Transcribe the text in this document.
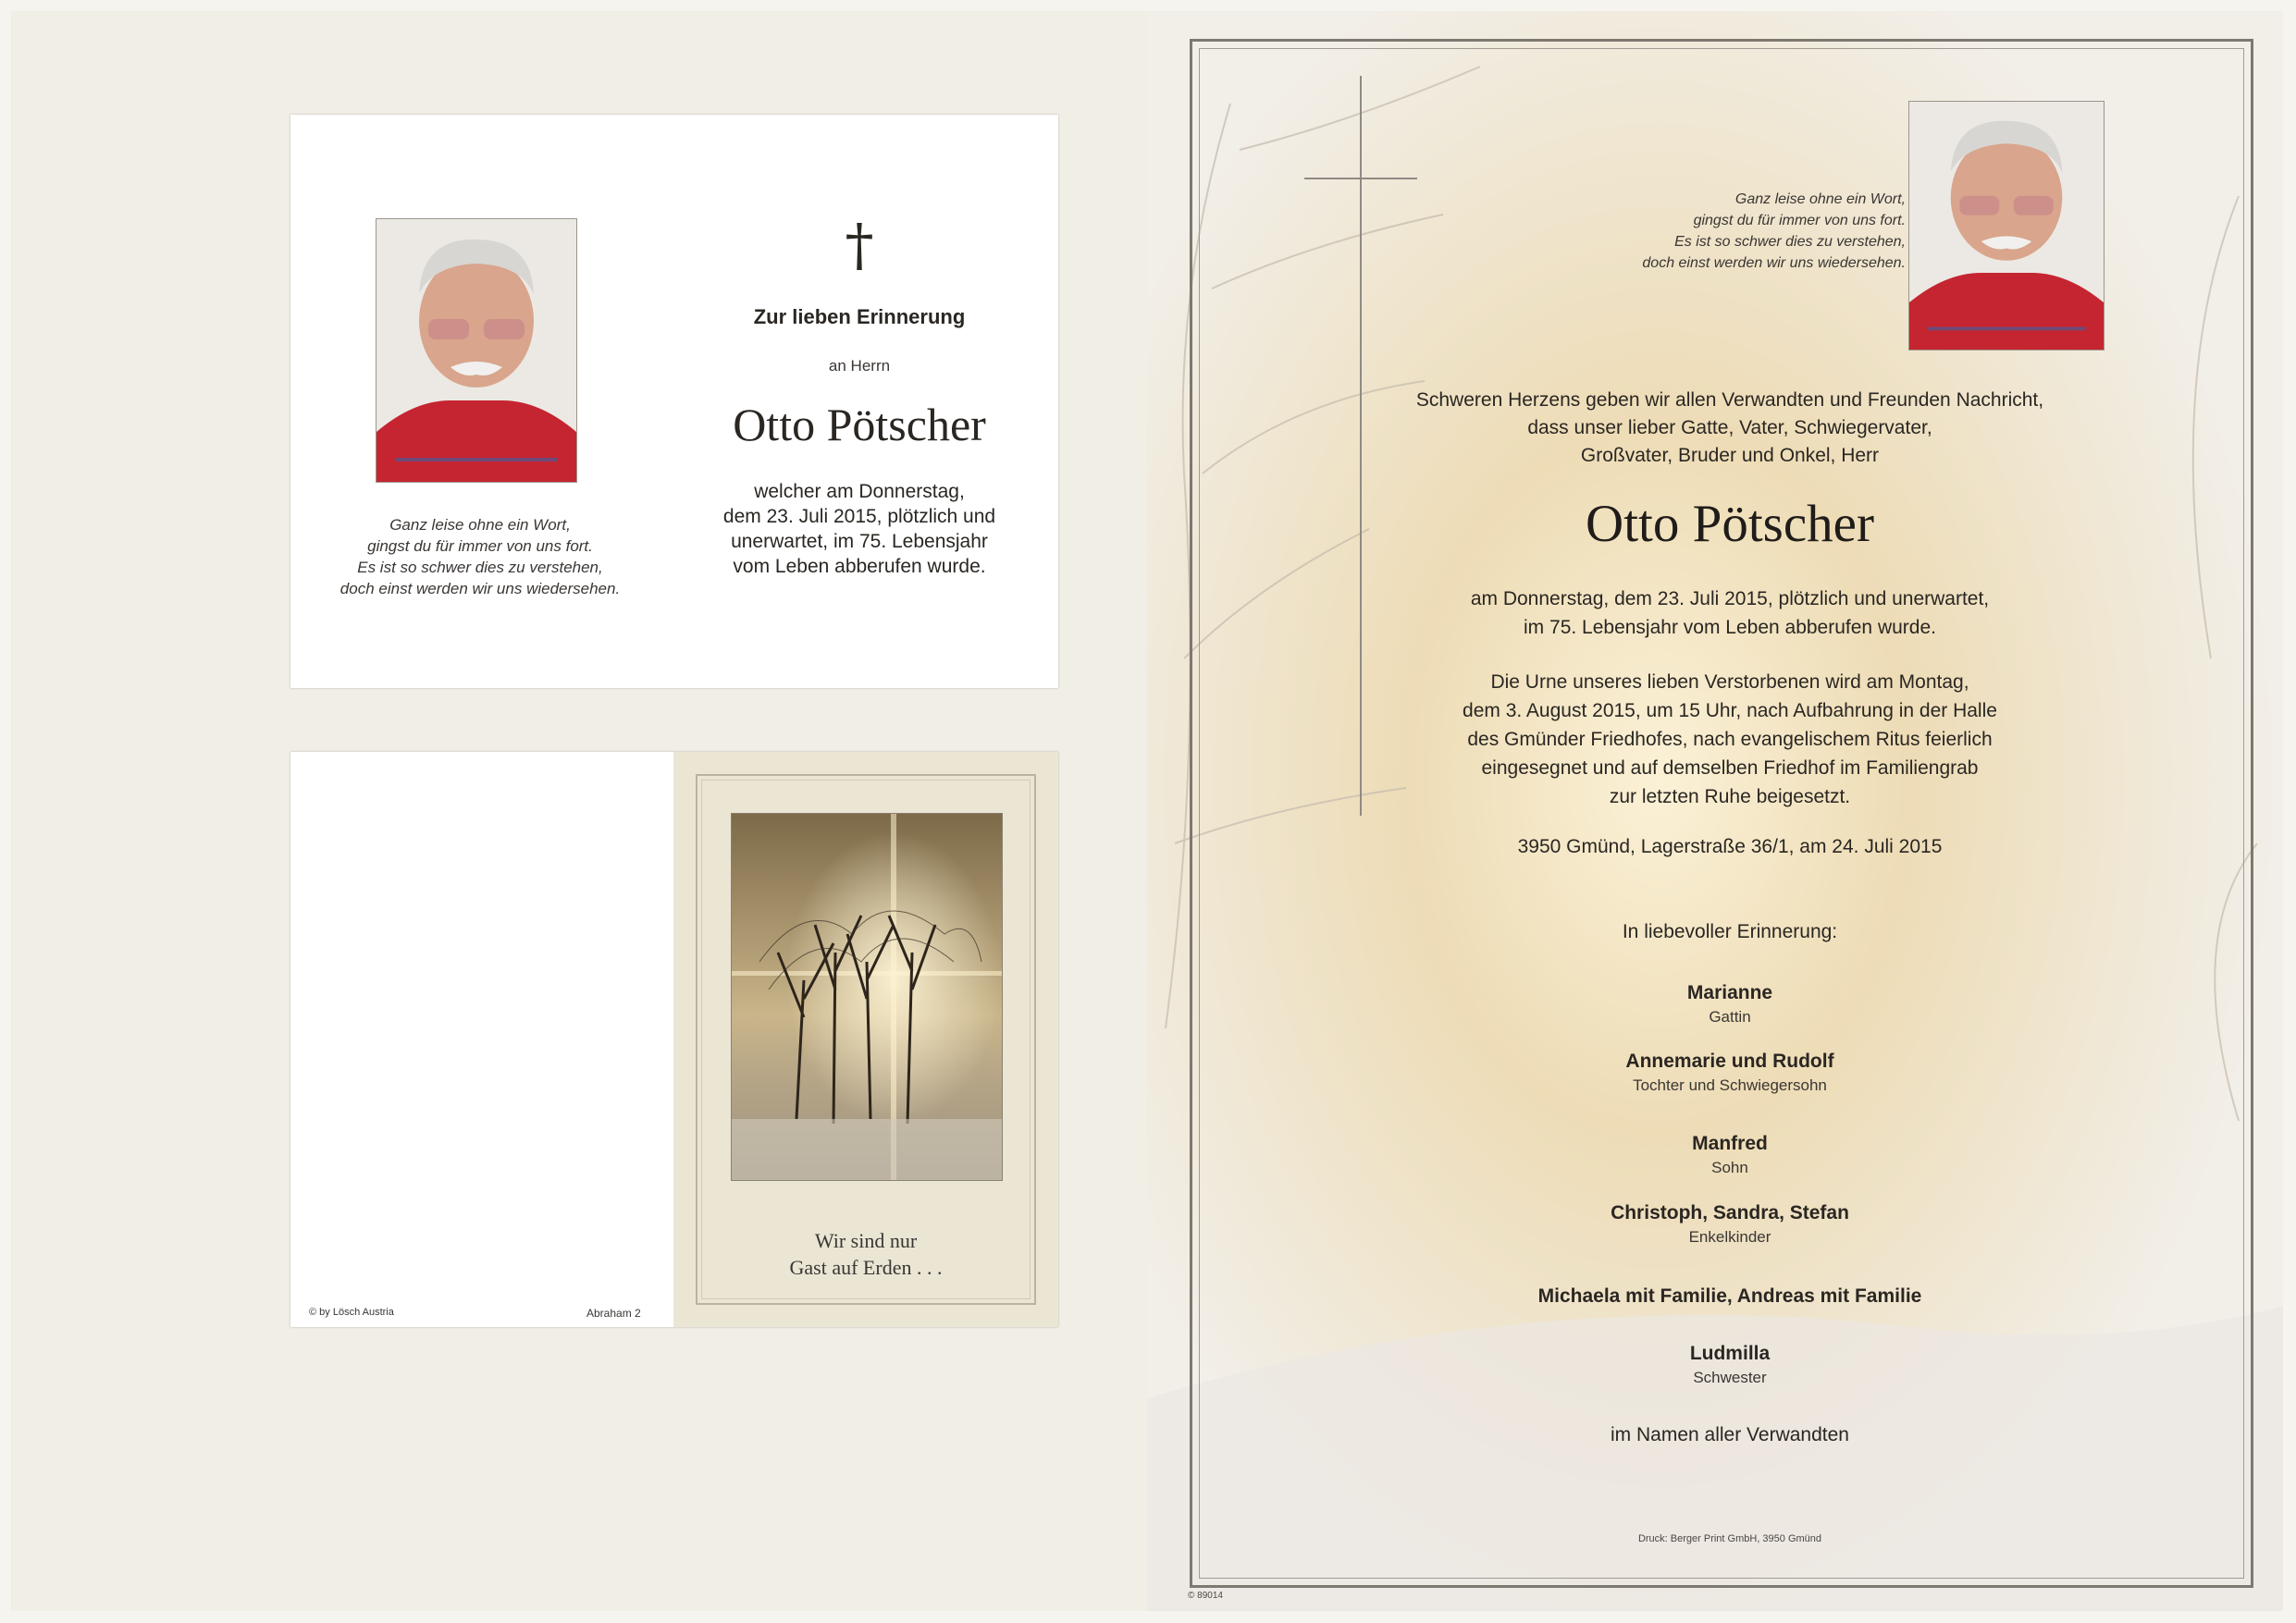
Ganz leise ohne ein Wort,
gingst du für immer von uns fort.
Es ist so schwer dies zu verstehen,
doch einst werden wir uns wiedersehen.
†
Zur lieben Erinnerung
an Herrn
Otto Pötscher
welcher am Donnerstag,
dem 23. Juli 2015, plötzlich und
unerwartet, im 75. Lebensjahr
vom Leben abberufen wurde.
© by Lösch Austria	Abraham 2
Wir sind nur
Gast auf Erden . . .
Ganz leise ohne ein Wort,
gingst du für immer von uns fort.
Es ist so schwer dies zu verstehen,
doch einst werden wir uns wiedersehen.
Schweren Herzens geben wir allen Verwandten und Freunden Nachricht,
dass unser lieber Gatte, Vater, Schwiegervater,
Großvater, Bruder und Onkel, Herr
Otto Pötscher
am Donnerstag, dem 23. Juli 2015, plötzlich und unerwartet,
im 75. Lebensjahr vom Leben abberufen wurde.
Die Urne unseres lieben Verstorbenen wird am Montag,
dem 3. August 2015, um 15 Uhr, nach Aufbahrung in der Halle
des Gmünder Friedhofes, nach evangelischem Ritus feierlich
eingesegnet und auf demselben Friedhof im Familiengrab
zur letzten Ruhe beigesetzt.
3950 Gmünd, Lagerstraße 36/1, am 24. Juli 2015
In liebevoller Erinnerung:
Marianne
Gattin
Annemarie und Rudolf
Tochter und Schwiegersohn
Manfred
Sohn
Christoph, Sandra, Stefan
Enkelkinder
Michaela mit Familie, Andreas mit Familie
Ludmilla
Schwester
im Namen aller Verwandten
Druck: Berger Print GmbH, 3950 Gmünd
© 89014
